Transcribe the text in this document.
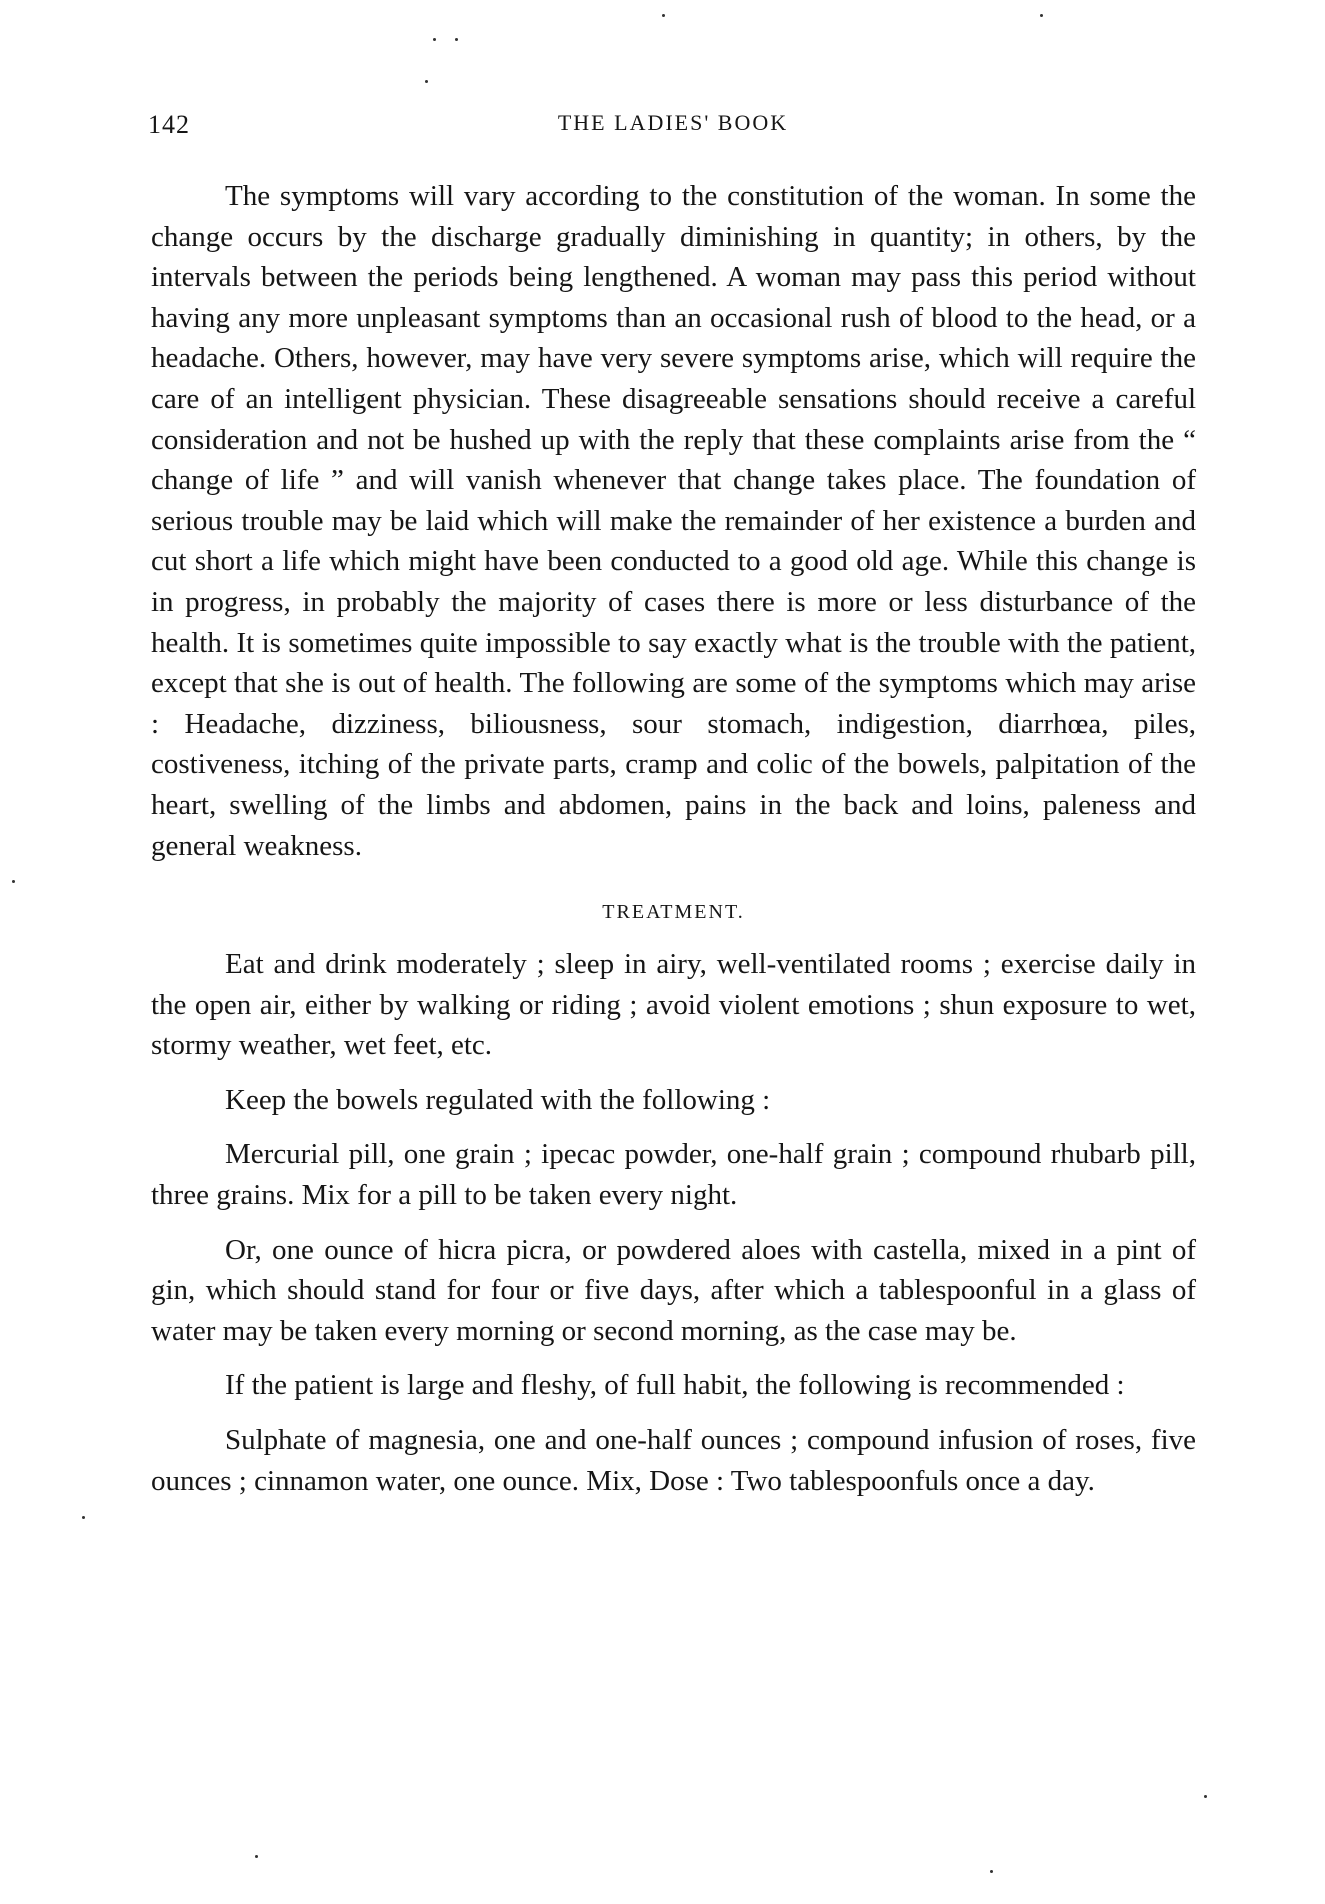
142	THE LADIES' BOOK

The symptoms will vary according to the constitution of the woman. In some the change occurs by the discharge gradually diminishing in quantity; in others, by the intervals between the periods being lengthened. A woman may pass this period without having any more unpleasant symptoms than an occasional rush of blood to the head, or a headache. Others, however, may have very severe symptoms arise, which will require the care of an intelligent physician. These disagreeable sensations should receive a careful consideration and not be hushed up with the reply that these complaints arise from the “ change of life ” and will vanish whenever that change takes place. The foundation of serious trouble may be laid which will make the remainder of her existence a burden and cut short a life which might have been conducted to a good old age. While this change is in progress, in probably the majority of cases there is more or less disturbance of the health. It is sometimes quite impossible to say exactly what is the trouble with the patient, except that she is out of health. The following are some of the symptoms which may arise : Headache, dizziness, biliousness, sour stomach, indigestion, diarrhœa, piles, costiveness, itching of the private parts, cramp and colic of the bowels, palpitation of the heart, swelling of the limbs and abdomen, pains in the back and loins, paleness and general weakness.

TREATMENT.

Eat and drink moderately ; sleep in airy, well-ventilated rooms ; exercise daily in the open air, either by walking or riding ; avoid violent emotions ; shun exposure to wet, stormy weather, wet feet, etc.

Keep the bowels regulated with the following :

Mercurial pill, one grain ; ipecac powder, one-half grain ; compound rhubarb pill, three grains. Mix for a pill to be taken every night.

Or, one ounce of hicra picra, or powdered aloes with castella, mixed in a pint of gin, which should stand for four or five days, after which a tablespoonful in a glass of water may be taken every morning or second morning, as the case may be.

If the patient is large and fleshy, of full habit, the following is recommended :

Sulphate of magnesia, one and one-half ounces ; compound infusion of roses, five ounces ; cinnamon water, one ounce. Mix, Dose : Two tablespoonfuls once a day.
